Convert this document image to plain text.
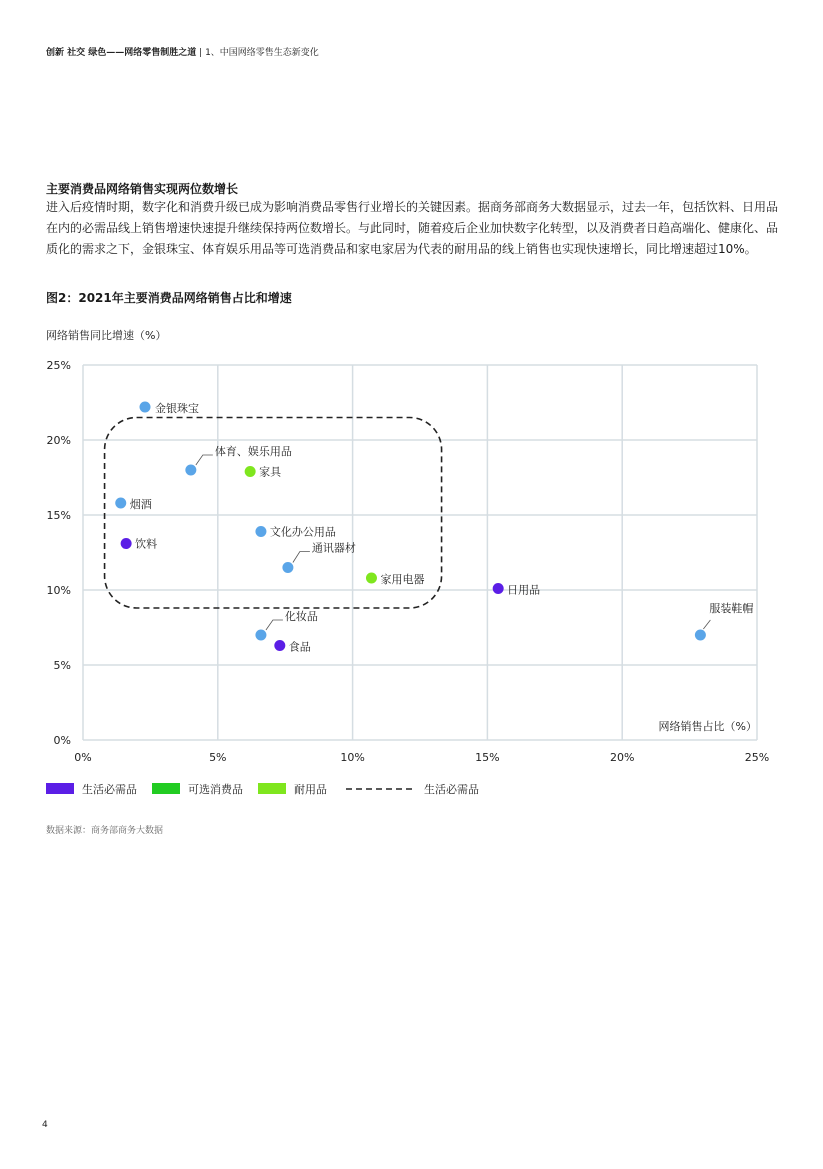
创新 社交 绿色——网络零售制胜之道 | 1、中国网络零售生态新变化
主要消费品网络销售实现两位数增长
进入后疫情时期，数字化和消费升级已成为影响消费品零售行业增长的关键因素。据商务部商务大数据显示，过去一年，包括饮料、日用品在内的必需品线上销售增速快速提升继续保持两位数增长。与此同时，随着疫后企业加快数字化转型，以及消费者日趋高端化、健康化、品质化的需求之下，金银珠宝、体育娱乐用品等可选消费品和家电家居为代表的耐用品的线上销售也实现快速增长，同比增速超过10%。
图2：2021年主要消费品网络销售占比和增速
0%	5%	10%	15%	20%	25%
0%
5%
10%
15%
20%
25%
金银珠宝
体育、娱乐用品
家具
烟酒
饮料
文化办公用品
通讯器材
家用电器
日用品
化妆品
食品
服装鞋帽
网络销售同比增速（%）
网络销售占比（%）
生活必需品	可选消费品	耐用品	生活必需品
数据来源：商务部商务大数据
4
